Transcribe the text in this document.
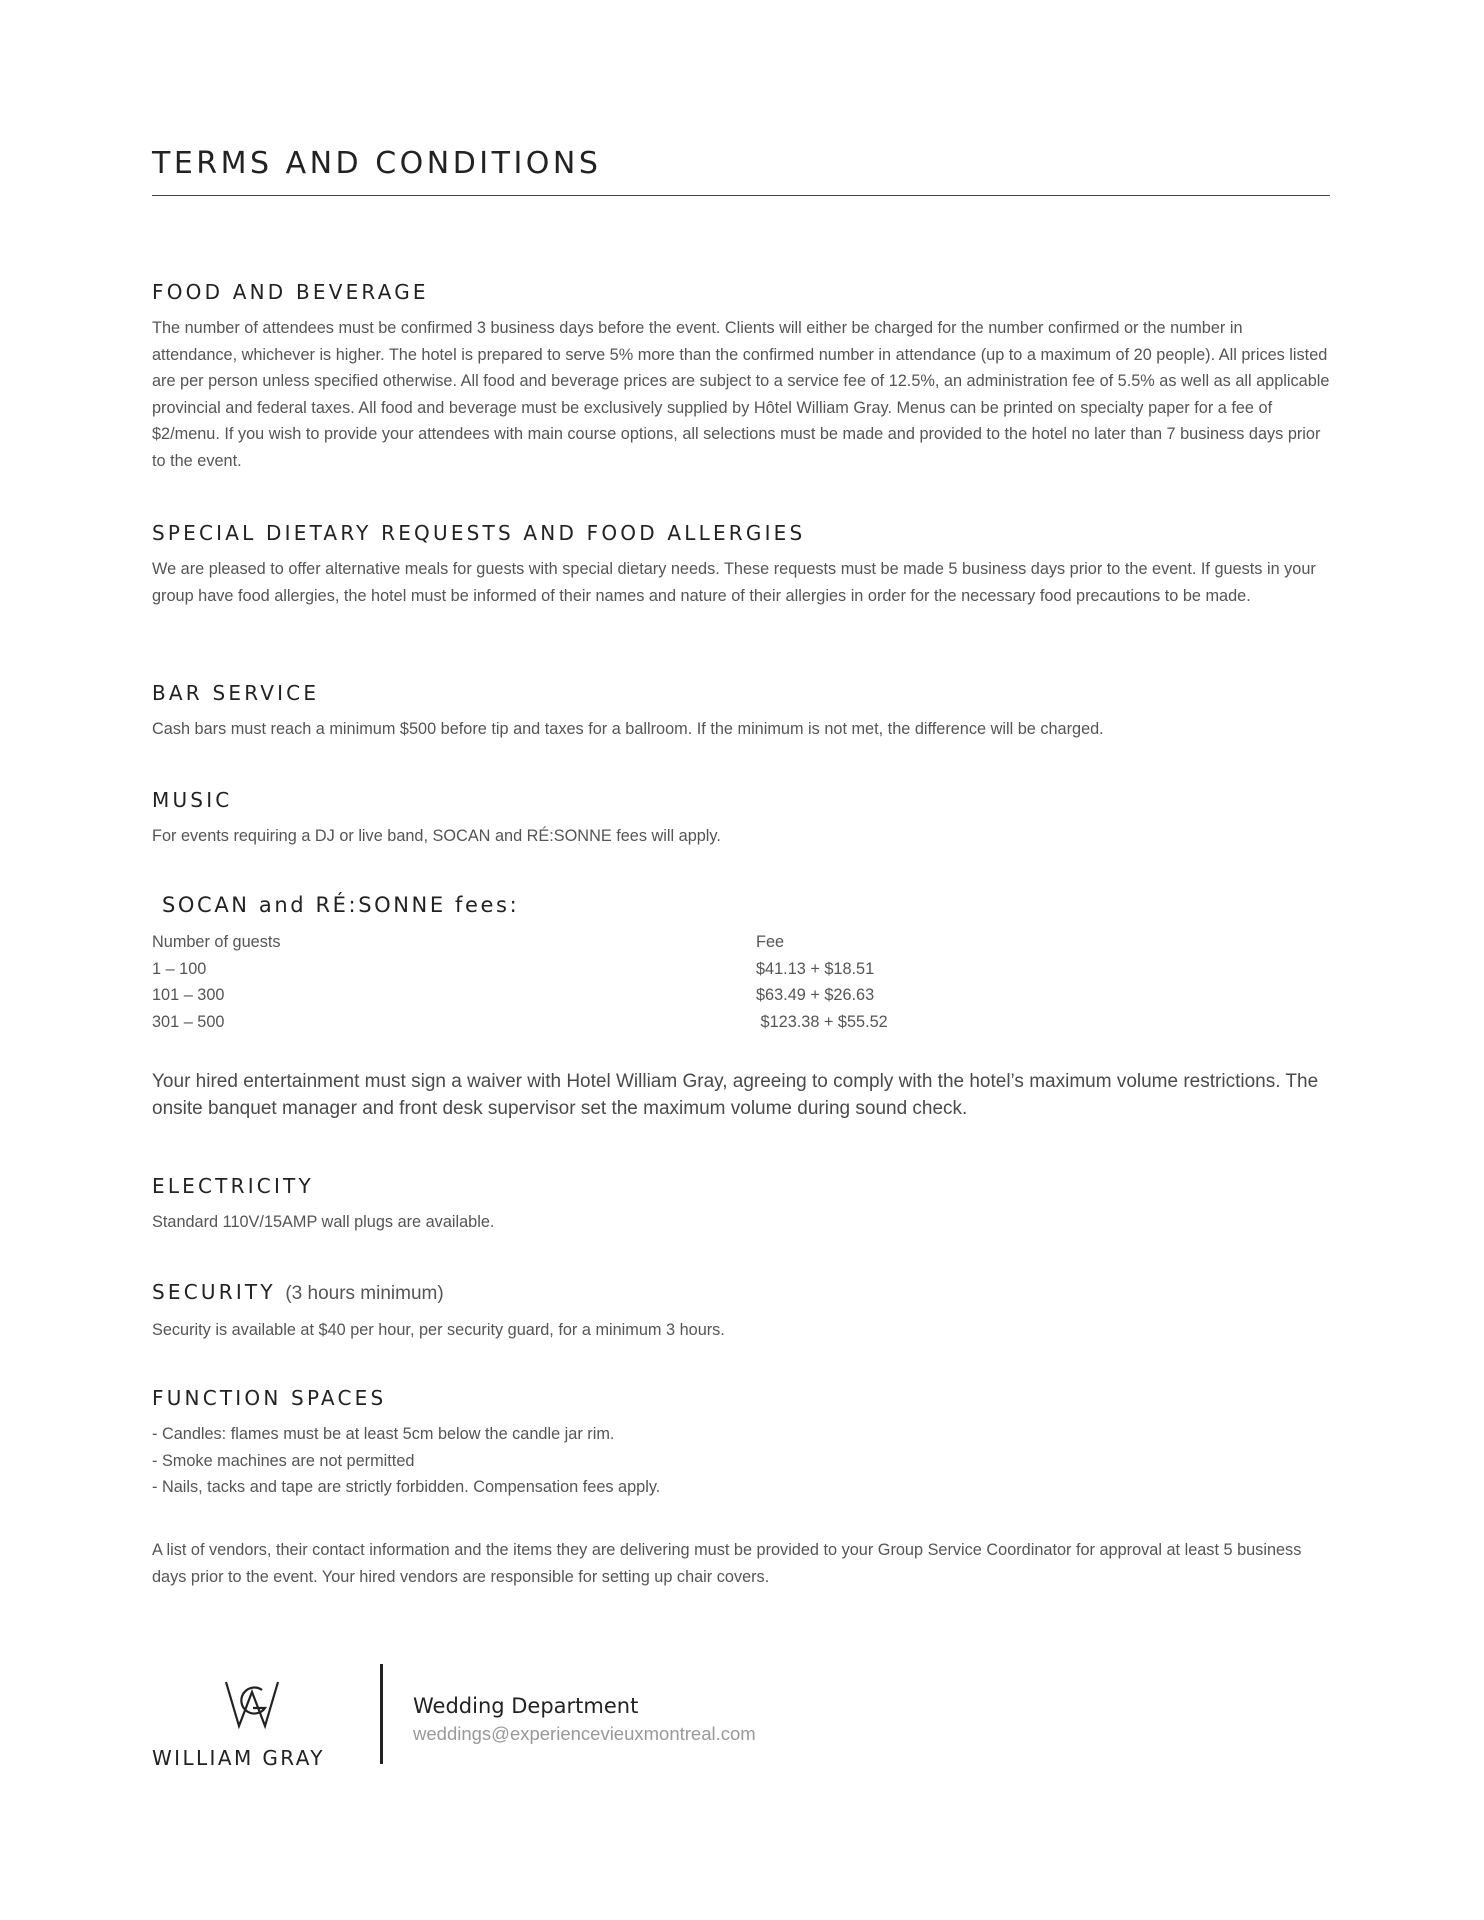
TERMS AND CONDITIONS
FOOD AND BEVERAGE

The number of attendees must be confirmed 3 business days before the event. Clients will either be charged for the number confirmed or the number in attendance, whichever is higher. The hotel is prepared to serve 5% more than the confirmed number in attendance (up to a maximum of 20 people). All prices listed are per person unless specified otherwise. All food and beverage prices are subject to a service fee of 12.5%, an administration fee of 5.5% as well as all applicable provincial and federal taxes. All food and beverage must be exclusively supplied by Hôtel William Gray. Menus can be printed on specialty paper for a fee of $2/menu. If you wish to provide your attendees with main course options, all selections must be made and provided to the hotel no later than 7 business days prior to the event.

SPECIAL DIETARY REQUESTS AND FOOD ALLERGIES

We are pleased to offer alternative meals for guests with special dietary needs. These requests must be made 5 business days prior to the event. If guests in your group have food allergies, the hotel must be informed of their names and nature of their allergies in order for the necessary food precautions to be made.

BAR SERVICE

Cash bars must reach a minimum $500 before tip and taxes for a ballroom. If the minimum is not met, the difference will be charged.

MUSIC

For events requiring a DJ or live band, SOCAN and RÉ:SONNE fees will apply.

SOCAN and RÉ:SONNE fees:
Number of guests	Fee
1 – 100	$41.13 + $18.51
101 – 300	$63.49 + $26.63
301 – 500	$123.38 + $55.52

Your hired entertainment must sign a waiver with Hotel William Gray, agreeing to comply with the hotel’s maximum volume restrictions. The onsite banquet manager and front desk supervisor set the maximum volume during sound check.

ELECTRICITY

Standard 110V/15AMP wall plugs are available.

SECURITY (3 hours minimum)

Security is available at $40 per hour, per security guard, for a minimum 3 hours.

FUNCTION SPACES
- Candles: flames must be at least 5cm below the candle jar rim.
- Smoke machines are not permitted
- Nails, tacks and tape are strictly forbidden. Compensation fees apply.

A list of vendors, their contact information and the items they are delivering must be provided to your Group Service Coordinator for approval at least 5 business days prior to the event. Your hired vendors are responsible for setting up chair covers.

WILLIAM GRAY
Wedding Department
weddings@experiencevieuxmontreal.com
